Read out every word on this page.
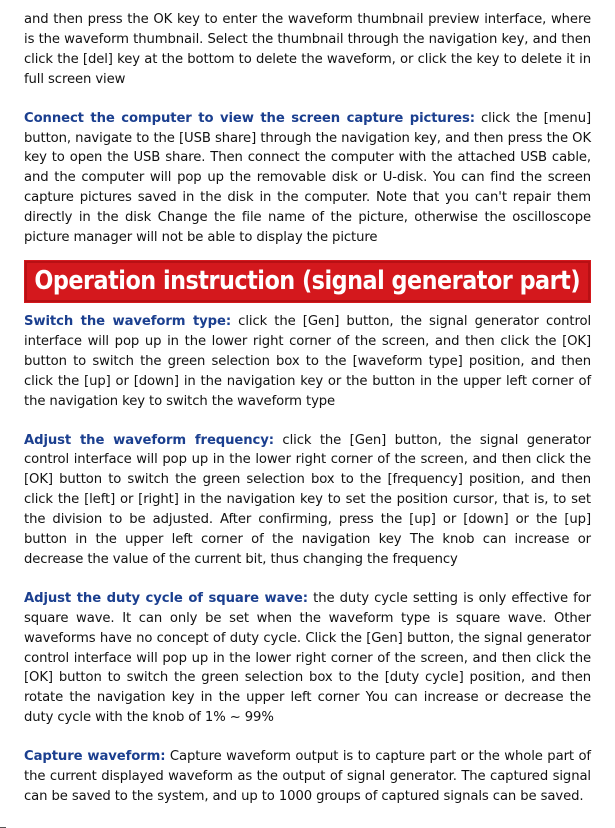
and then press the OK key to enter the waveform thumbnail preview interface, where is the waveform thumbnail. Select the thumbnail through the navigation key, and then click the [del] key at the bottom to delete the waveform, or click the key to delete it in full screen view

Connect the computer to view the screen capture pictures: click the [menu] button, navigate to the [USB share] through the navigation key, and then press the OK key to open the USB share. Then connect the computer with the attached USB cable, and the computer will pop up the removable disk or U-disk. You can find the screen capture pictures saved in the disk in the computer. Note that you can't repair them directly in the disk Change the file name of the picture, otherwise the oscilloscope picture manager will not be able to display the picture

Operation instruction (signal generator part)

Switch the waveform type: click the [Gen] button, the signal generator control interface will pop up in the lower right corner of the screen, and then click the [OK] button to switch the green selection box to the [waveform type] position, and then click the [up] or [down] in the navigation key or the button in the upper left corner of the navigation key to switch the waveform type

Adjust the waveform frequency: click the [Gen] button, the signal generator control interface will pop up in the lower right corner of the screen, and then click the [OK] button to switch the green selection box to the [frequency] position, and then click the [left] or [right] in the navigation key to set the position cursor, that is, to set the division to be adjusted. After confirming, press the [up] or [down] or the [up] button in the upper left corner of the navigation key The knob can increase or decrease the value of the current bit, thus changing the frequency

Adjust the duty cycle of square wave: the duty cycle setting is only effective for square wave. It can only be set when the waveform type is square wave. Other waveforms have no concept of duty cycle. Click the [Gen] button, the signal generator control interface will pop up in the lower right corner of the screen, and then click the [OK] button to switch the green selection box to the [duty cycle] position, and then rotate the navigation key in the upper left corner You can increase or decrease the duty cycle with the knob of 1% ~ 99%

Capture waveform: Capture waveform output is to capture part or the whole part of the current displayed waveform as the output of signal generator. The captured signal can be saved to the system, and up to 1000 groups of captured signals can be saved.
